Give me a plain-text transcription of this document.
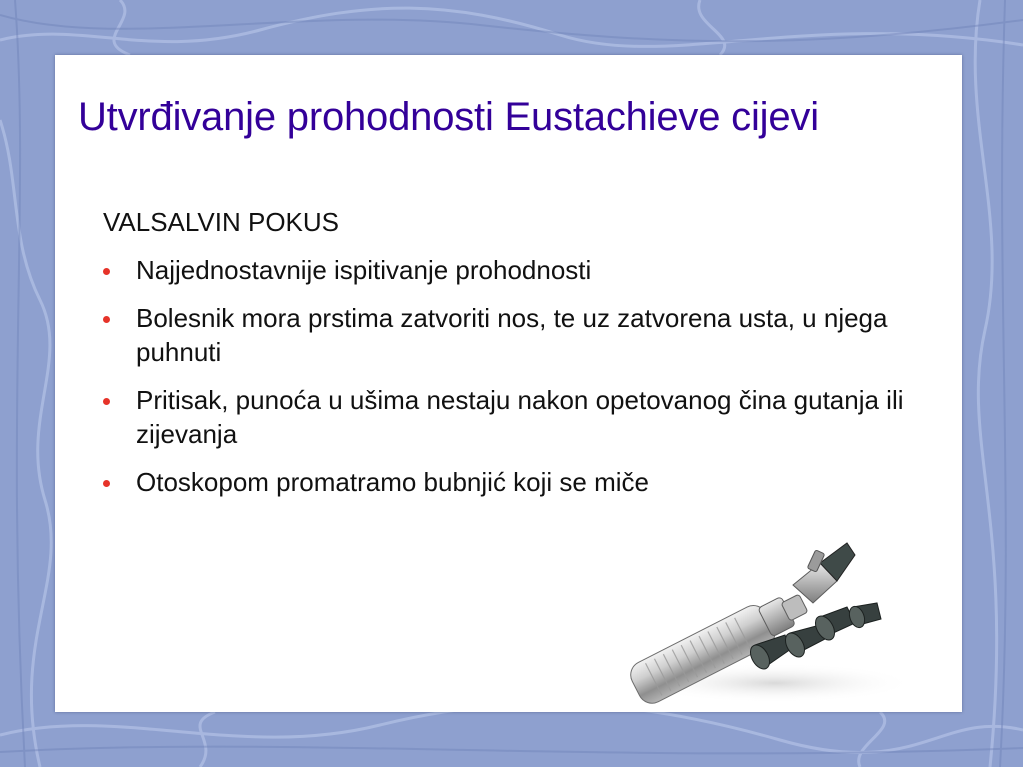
Utvrđivanje prohodnosti Eustachieve cijevi

VALSALVIN POKUS

Najjednostavnije ispitivanje prohodnosti
Bolesnik mora prstima zatvoriti nos, te uz zatvorena usta, u njega puhnuti
Pritisak, punoća u ušima nestaju nakon opetovanog čina gutanja ili zijevanja
Otoskopom promatramo bubnjić koji se miče
